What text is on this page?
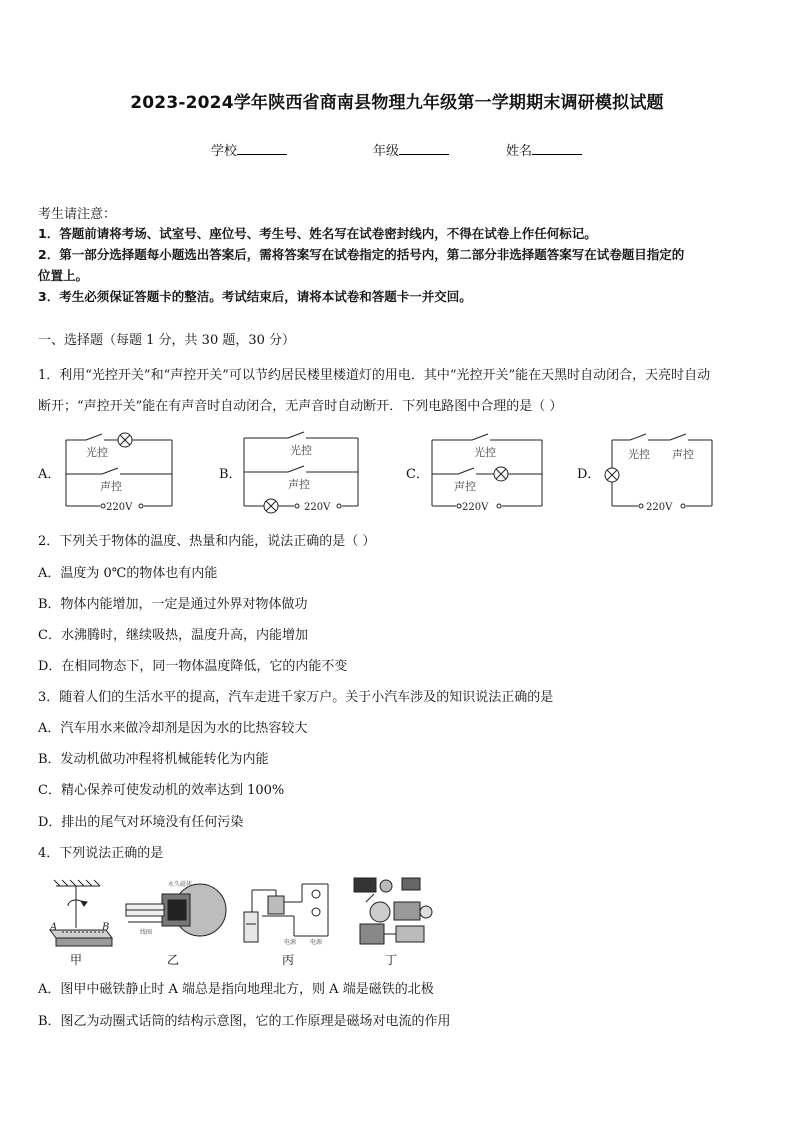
2023-2024学年陕西省商南县物理九年级第一学期期末调研模拟试题
学校	年级	姓名
考生请注意：
1．答题前请将考场、试室号、座位号、考生号、姓名写在试卷密封线内，不得在试卷上作任何标记。
2．第一部分选择题每小题选出答案后，需将答案写在试卷指定的括号内，第二部分非选择题答案写在试卷题目指定的
位置上。
3．考生必须保证答题卡的整洁。考试结束后，请将本试卷和答题卡一并交回。
一、选择题（每题 1 分，共 30 题，30 分）
1．利用“光控开关”和“声控开关”可以节约居民楼里楼道灯的用电．其中“光控开关”能在天黑时自动闭合，天亮时自动
断开；“声控开关”能在有声音时自动闭合，无声音时自动断开．下列电路图中合理的是（ ）
A．	B．	C．	D．
光控
声控
220V
光控
声控
220V
光控
声控
220V
光控 声控
220V
2．下列关于物体的温度、热量和内能，说法正确的是（ ）
A．温度为 0℃的物体也有内能
B．物体内能增加，一定是通过外界对物体做功
C．水沸腾时，继续吸热，温度升高，内能增加
D．在相同物态下，同一物体温度降低，它的内能不变
3．随着人们的生活水平的提高，汽车走进千家万户。关于小汽车涉及的知识说法正确的是
A．汽车用水来做冷却剂是因为水的比热容较大
B．发动机做功冲程将机械能转化为内能
C．精心保养可使发动机的效率达到 100%
D．排出的尾气对环境没有任何污染
4．下列说法正确的是
A	B
永久磁体
线圈
电源 电源
甲	乙	丙	丁
A．图甲中磁铁静止时 A 端总是指向地理北方，则 A 端是磁铁的北极
B．图乙为动圈式话筒的结构示意图，它的工作原理是磁场对电流的作用
